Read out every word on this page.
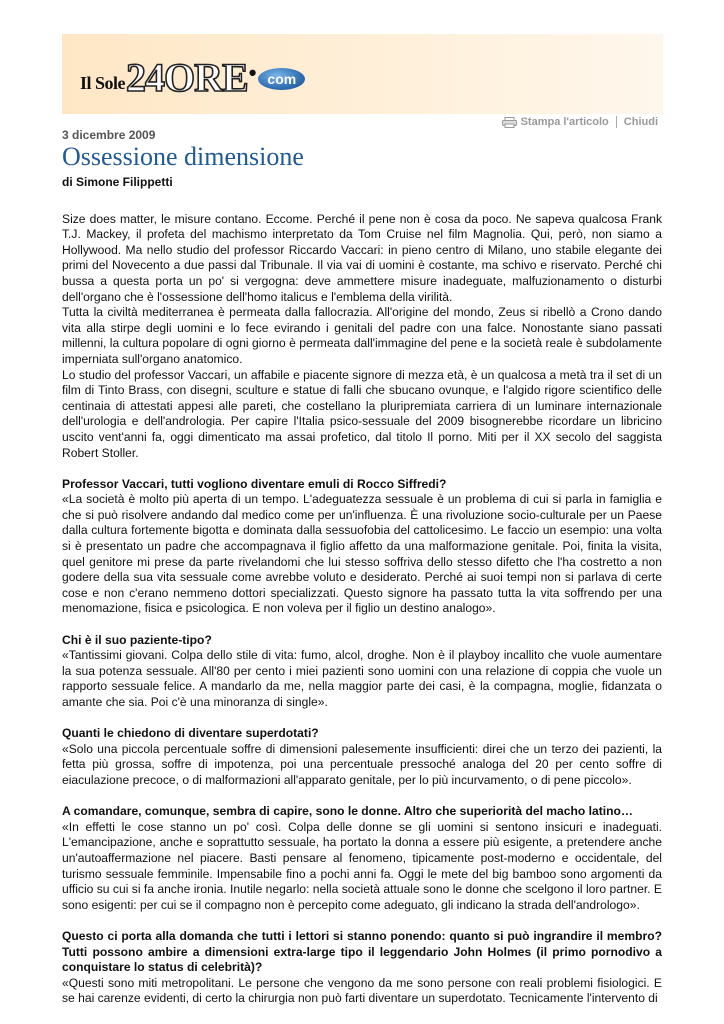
Il Sole 24 ORE • com
Stampa l'articolo Chiudi
3 dicembre 2009
Ossessione dimensione
di Simone Filippetti

Size does matter, le misure contano. Eccome. Perché il pene non è cosa da poco. Ne sapeva qualcosa Frank T.J. Mackey, il profeta del machismo interpretato da Tom Cruise nel film Magnolia. Qui, però, non siamo a Hollywood. Ma nello studio del professor Riccardo Vaccari: in pieno centro di Milano, uno stabile elegante dei primi del Novecento a due passi dal Tribunale. Il via vai di uomini è costante, ma schivo e riservato. Perché chi bussa a questa porta un po' si vergogna: deve ammettere misure inadeguate, malfuzionamento o disturbi dell'organo che è l'ossessione dell'homo italicus e l'emblema della virilità.

Tutta la civiltà mediterranea è permeata dalla fallocrazia. All'origine del mondo, Zeus si ribellò a Crono dando vita alla stirpe degli uomini e lo fece evirando i genitali del padre con una falce. Nonostante siano passati millenni, la cultura popolare di ogni giorno è permeata dall'immagine del pene e la società reale è subdolamente imperniata sull'organo anatomico.

Lo studio del professor Vaccari, un affabile e piacente signore di mezza età, è un qualcosa a metà tra il set di un film di Tinto Brass, con disegni, sculture e statue di falli che sbucano ovunque, e l'algido rigore scientifico delle centinaia di attestati appesi alle pareti, che costellano la pluripremiata carriera di un luminare internazionale dell'urologia e dell'andrologia. Per capire l'Italia psico-sessuale del 2009 bisognerebbe ricordare un libricino uscito vent'anni fa, oggi dimenticato ma assai profetico, dal titolo Il porno. Miti per il XX secolo del saggista Robert Stoller.

Professor Vaccari, tutti vogliono diventare emuli di Rocco Siffredi?

«La società è molto più aperta di un tempo. L'adeguatezza sessuale è un problema di cui si parla in famiglia e che si può risolvere andando dal medico come per un'influenza. È una rivoluzione socio-culturale per un Paese dalla cultura fortemente bigotta e dominata dalla sessuofobia del cattolicesimo. Le faccio un esempio: una volta si è presentato un padre che accompagnava il figlio affetto da una malformazione genitale. Poi, finita la visita, quel genitore mi prese da parte rivelandomi che lui stesso soffriva dello stesso difetto che l'ha costretto a non godere della sua vita sessuale come avrebbe voluto e desiderato. Perché ai suoi tempi non si parlava di certe cose e non c'erano nemmeno dottori specializzati. Questo signore ha passato tutta la vita soffrendo per una menomazione, fisica e psicologica. E non voleva per il figlio un destino analogo».

Chi è il suo paziente-tipo?

«Tantissimi giovani. Colpa dello stile di vita: fumo, alcol, droghe. Non è il playboy incallito che vuole aumentare la sua potenza sessuale. All'80 per cento i miei pazienti sono uomini con una relazione di coppia che vuole un rapporto sessuale felice. A mandarlo da me, nella maggior parte dei casi, è la compagna, moglie, fidanzata o amante che sia. Poi c'è una minoranza di single».

Quanti le chiedono di diventare superdotati?

«Solo una piccola percentuale soffre di dimensioni palesemente insufficienti: direi che un terzo dei pazienti, la fetta più grossa, soffre di impotenza, poi una percentuale pressoché analoga del 20 per cento soffre di eiaculazione precoce, o di malformazioni all'apparato genitale, per lo più incurvamento, o di pene piccolo».

A comandare, comunque, sembra di capire, sono le donne. Altro che superiorità del macho latino…

«In effetti le cose stanno un po' così. Colpa delle donne se gli uomini si sentono insicuri e inadeguati. L'emancipazione, anche e soprattutto sessuale, ha portato la donna a essere più esigente, a pretendere anche un'autoaffermazione nel piacere. Basti pensare al fenomeno, tipicamente post-moderno e occidentale, del turismo sessuale femminile. Impensabile fino a pochi anni fa. Oggi le mete del big bamboo sono argomenti da ufficio su cui si fa anche ironia. Inutile negarlo: nella società attuale sono le donne che scelgono il loro partner. E sono esigenti: per cui se il compagno non è percepito come adeguato, gli indicano la strada dell'andrologo».

Questo ci porta alla domanda che tutti i lettori si stanno ponendo: quanto si può ingrandire il membro? Tutti possono ambire a dimensioni extra-large tipo il leggendario John Holmes (il primo pornodivo a conquistare lo status di celebrità)?

«Questi sono miti metropolitani. Le persone che vengono da me sono persone con reali problemi fisiologici. E se hai carenze evidenti, di certo la chirurgia non può farti diventare un superdotato. Tecnicamente l'intervento di
